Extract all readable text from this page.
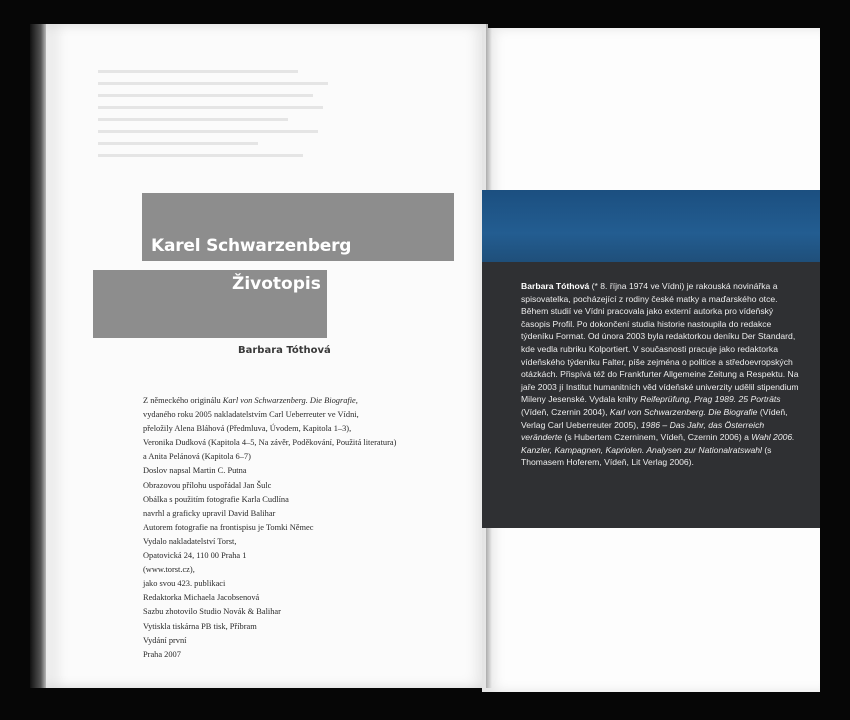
Karel Schwarzenberg
Životopis
Barbara Tóthová
Z německého originálu Karl von Schwarzenberg. Die Biografie,
vydaného roku 2005 nakladatelstvím Carl Ueberreuter ve Vídni,
přeložily Alena Bláhová (Předmluva, Úvodem, Kapitola 1–3),
Veronika Dudková (Kapitola 4–5, Na závěr, Poděkování, Použitá literatura)
a Anita Pelánová (Kapitola 6–7)
Doslov napsal Martin C. Putna
Obrazovou přílohu uspořádal Jan Šulc
Obálka s použitím fotografie Karla Cudlína
navrhl a graficky upravil David Balihar
Autorem fotografie na frontispisu je Tomki Němec
Vydalo nakladatelství Torst,
Opatovická 24, 110 00 Praha 1
(www.torst.cz),
jako svou 423. publikaci
Redaktorka Michaela Jacobsenová
Sazbu zhotovilo Studio Novák & Balihar
Vytiskla tiskárna PB tisk, Příbram
Vydání první
Praha 2007
Barbara Tóthová (* 8. října 1974 ve Vídni) je rakouská novinářka a spisovatelka, pocházející z rodiny české matky a maďarského otce. Během studií ve Vídni pracovala jako externí autorka pro vídeňský časopis Profil. Po dokončení studia historie nastoupila do redakce týdeníku Format. Od února 2003 byla redaktorkou deníku Der Standard, kde vedla rubriku Kolportiert. V současnosti pracuje jako redaktorka vídeňského týdeníku Falter, píše zejména o politice a středoevropských otázkách. Přispívá též do Frankfurter Allgemeine Zeitung a Respektu. Na jaře 2003 jí Institut humanitních věd vídeňské univerzity udělil stipendium Mileny Jesenské. Vydala knihy Reifeprüfung, Prag 1989. 25 Porträts (Vídeň, Czernin 2004), Karl von Schwarzenberg. Die Biografie (Vídeň, Verlag Carl Ueberreuter 2005), 1986 – Das Jahr, das Österreich veränderte (s Hubertem Czerninem, Vídeň, Czernin 2006) a Wahl 2006. Kanzler, Kampagnen, Kapriolen. Analysen zur Nationalratswahl (s Thomasem Hoferem, Vídeň, Lit Verlag 2006).
